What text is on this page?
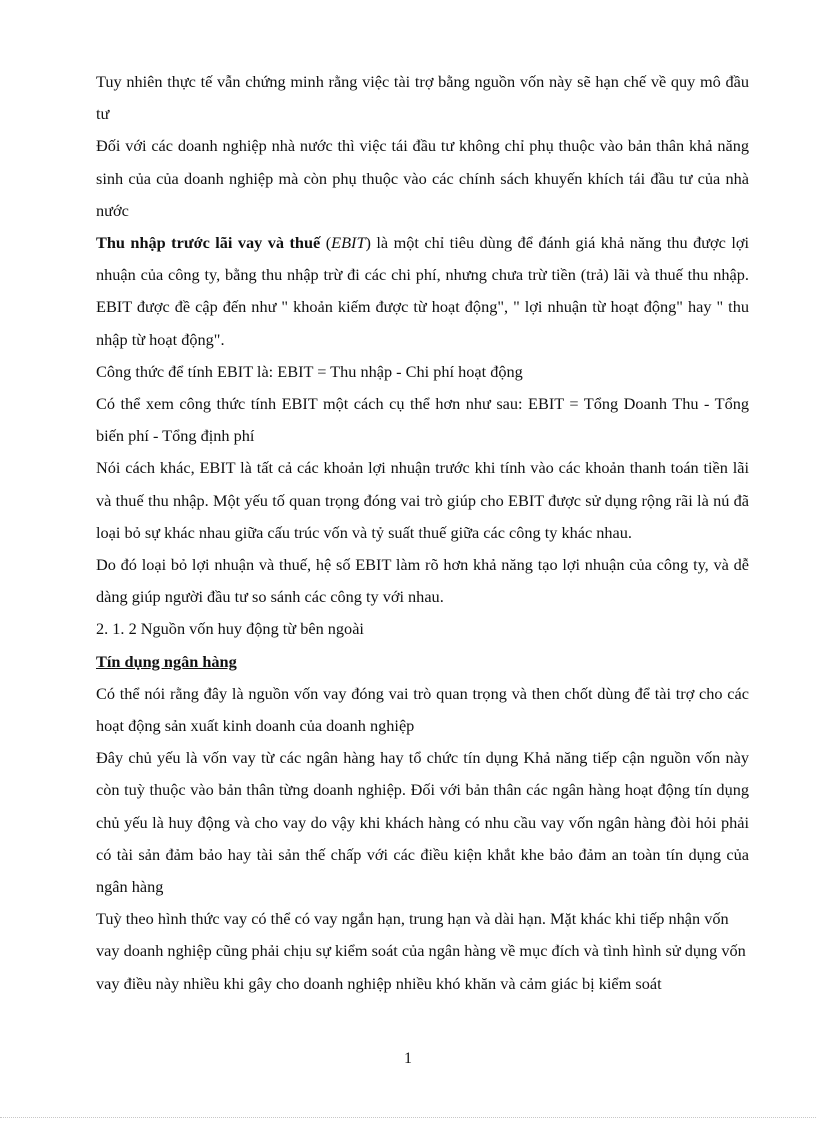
Tuy nhiên thực tế vẫn chứng minh rằng việc tài trợ bằng nguồn vốn này sẽ hạn chế về quy mô đầu tư

Đối với các doanh nghiệp nhà nước thì việc tái đầu tư không chỉ phụ thuộc vào bản thân khả năng sinh của của doanh nghiệp mà còn phụ thuộc vào các chính sách khuyến khích tái đầu tư của nhà nước

Thu nhập trước lãi vay và thuế (EBIT) là một chỉ tiêu dùng để đánh giá khả năng thu được lợi nhuận của công ty, bằng thu nhập trừ đi các chi phí, nhưng chưa trừ tiền (trả) lãi và thuế thu nhập. EBIT được đề cập đến như " khoản kiếm được từ hoạt động", " lợi nhuận từ hoạt động" hay " thu nhập từ hoạt động".

Công thức để tính EBIT là: EBIT = Thu nhập - Chi phí hoạt động

Có thể xem công thức tính EBIT một cách cụ thể hơn như sau: EBIT = Tổng Doanh Thu - Tổng biến phí - Tổng định phí

Nói cách khác, EBIT là tất cả các khoản lợi nhuận trước khi tính vào các khoản thanh toán tiền lãi và thuế thu nhập. Một yếu tố quan trọng đóng vai trò giúp cho EBIT được sử dụng rộng rãi là nú đã loại bỏ sự khác nhau giữa cấu trúc vốn và tỷ suất thuế giữa các công ty khác nhau.

Do đó loại bỏ lợi nhuận và thuế, hệ số EBIT làm rõ hơn khả năng tạo lợi nhuận của công ty, và dễ dàng giúp người đầu tư so sánh các công ty với nhau.

2. 1. 2 Nguồn vốn huy động từ bên ngoài

Tín dụng ngân hàng

Có thể nói rằng đây là nguồn vốn vay đóng vai trò quan trọng và then chốt dùng để tài trợ cho các hoạt động sản xuất kinh doanh của doanh nghiệp

Đây chủ yếu là vốn vay từ các ngân hàng hay tổ chức tín dụng Khả năng tiếp cận nguồn vốn này còn tuỳ thuộc vào bản thân từng doanh nghiệp. Đối với bản thân các ngân hàng hoạt động tín dụng chủ yếu là huy động và cho vay do vậy khi khách hàng có nhu cầu vay vốn ngân hàng đòi hỏi phải có tài sản đảm bảo hay tài sản thế chấp với các điều kiện khắt khe bảo đảm an toàn tín dụng của ngân hàng

Tuỳ theo hình thức vay có thể có vay ngắn hạn, trung hạn và dài hạn. Mặt khác khi tiếp nhận vốn vay doanh nghiệp cũng phải chịu sự kiểm soát của ngân hàng về mục đích và tình hình sử dụng vốn vay điều này nhiều khi gây cho doanh nghiệp nhiều khó khăn và cảm giác bị kiểm soát

1
